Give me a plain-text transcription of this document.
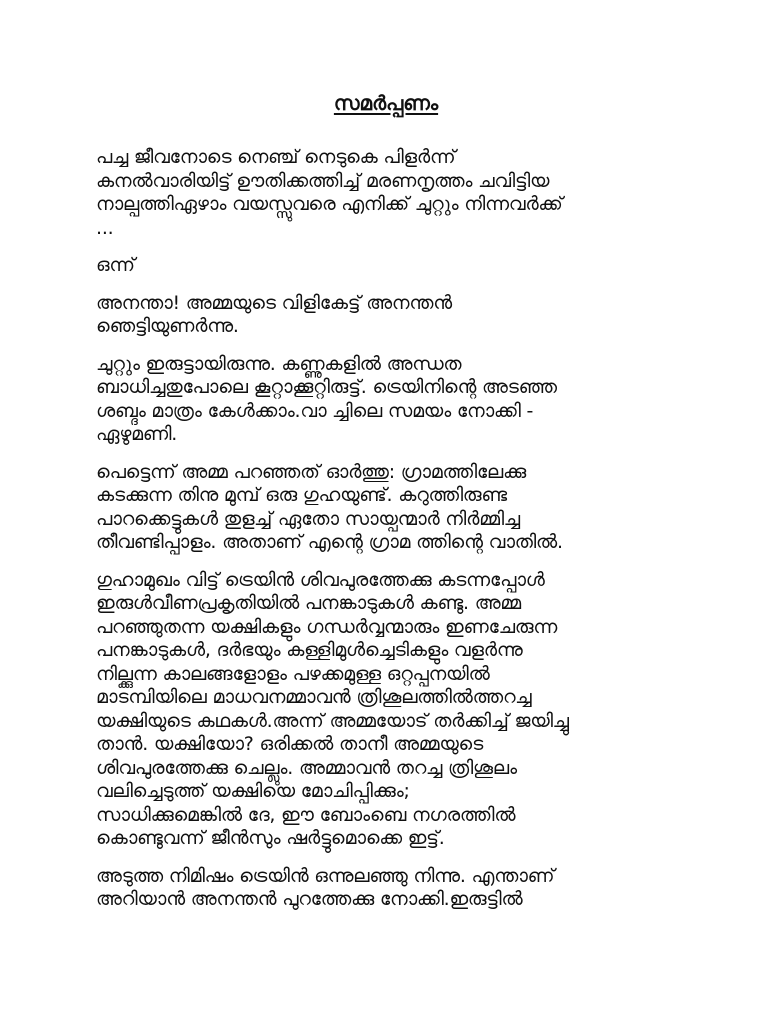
സമർപ്പണം
പച്ച ജീവനോടെ നെഞ്ച് നെടുകെ പിളർന്ന്
കനൽവാരിയിട്ട് ഊതിക്കത്തിച്ച് മരണനൃത്തം ചവിട്ടിയ
നാല്പത്തിഏഴാം വയസ്സുവരെ എനിക്ക് ചുറ്റും നിന്നവർക്ക്
...
ഒന്ന്
അനന്താ! അമ്മയുടെ വിളികേട്ട് അനന്തൻ
ഞെട്ടിയുണർന്നു.
ചുറ്റും ഇരുട്ടായിരുന്നു. കണ്ണുകളിൽ അന്ധത
ബാധിച്ചതുപോലെ കൂറ്റാക്കൂറ്റിരുട്ട്. ട്രെയിനിന്റെ അടഞ്ഞ
ശബ്ദം മാത്രം കേൾക്കാം.വാ ച്ചിലെ സമയം നോക്കി -
ഏഴുമണി.
പെട്ടെന്ന് അമ്മ പറഞ്ഞത് ഓർത്തു: ഗ്രാമത്തിലേക്കു
കടക്കുന്ന തിനു മുമ്പ് ഒരു ഗുഹയുണ്ട്. കറുത്തിരുണ്ട
പാറക്കെട്ടുകൾ തുളച്ച് ഏതോ സായ്പന്മാർ നിർമ്മിച്ച
തീവണ്ടിപ്പാളം. അതാണ് എന്റെ ഗ്രാമ ത്തിന്റെ വാതിൽ.
ഗുഹാമുഖം വിട്ട് ട്രെയിൻ ശിവപുരത്തേക്കു കടന്നപ്പോൾ
ഇരുൾവീണപ്രകൃതിയിൽ പനങ്കാടുകൾ കണ്ടു. അമ്മ
പറഞ്ഞുതന്ന യക്ഷികളും ഗന്ധർവ്വന്മാരും ഇണചേരുന്ന
പനങ്കാടുകൾ, ദർഭയും കള്ളിമുൾച്ചെടികളും വളർന്നു
നില്ക്കുന്ന കാലങ്ങളോളം പഴക്കമുള്ള ഒറ്റപ്പനയിൽ
മാടമ്പിയിലെ മാധവനമ്മാവൻ ത്രിശൂലത്തിൽത്തറച്ച
യക്ഷിയുടെ കഥകൾ.അന്ന് അമ്മയോട് തർക്കിച്ച് ജയിച്ചു
താൻ. യക്ഷിയോ? ഒരിക്കൽ താനീ അമ്മയുടെ
ശിവപുരത്തേക്കു ചെല്ലും. അമ്മാവൻ തറച്ച ത്രിശൂലം
വലിച്ചെടുത്ത് യക്ഷിയെ മോചിപ്പിക്കും;
സാധിക്കുമെങ്കിൽ ദേ, ഈ ബോംബെ നഗരത്തിൽ
കൊണ്ടുവന്ന് ജീൻസും ഷർട്ടുമൊക്കെ ഇട്ട്.
അടുത്ത നിമിഷം ട്രെയിൻ ഒന്നുലഞ്ഞു നിന്നു. എന്താണ്
അറിയാൻ അനന്തൻ പുറത്തേക്കു നോക്കി.ഇരുട്ടിൽ
